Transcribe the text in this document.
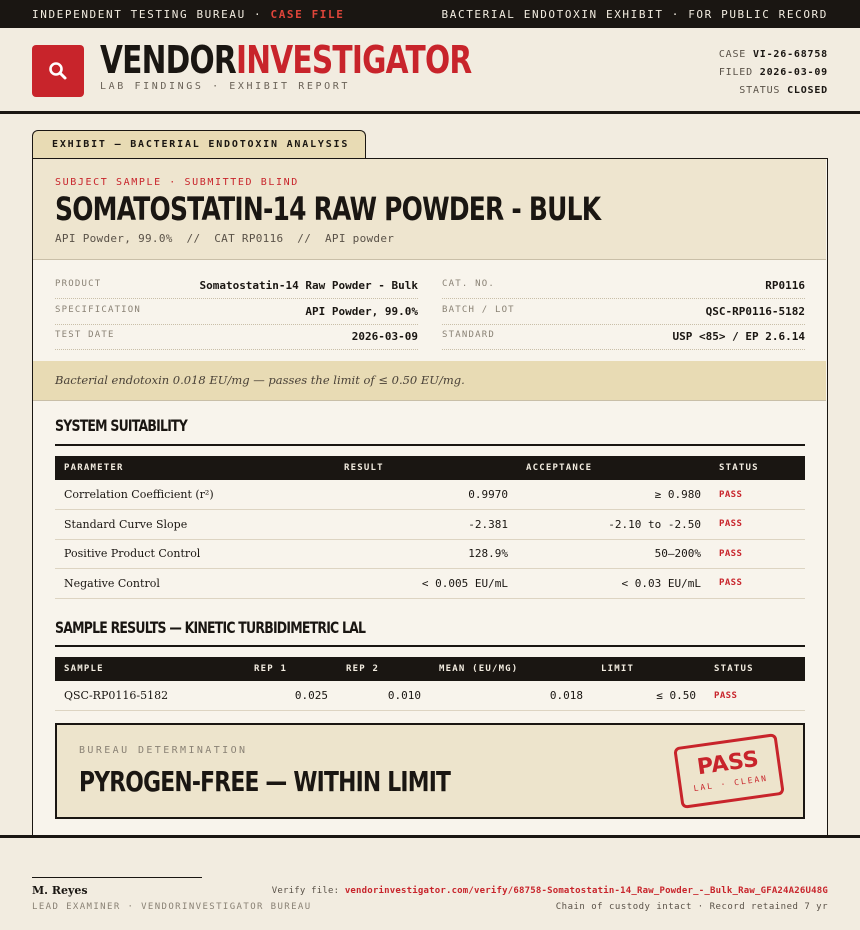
INDEPENDENT TESTING BUREAU · CASE FILE	BACTERIAL ENDOTOXIN EXHIBIT · FOR PUBLIC RECORD
VENDORINVESTIGATOR
LAB FINDINGS · EXHIBIT REPORT
CASE VI-26-68758
FILED 2026-03-09
STATUS CLOSED
EXHIBIT — BACTERIAL ENDOTOXIN ANALYSIS
SUBJECT SAMPLE · SUBMITTED BLIND
SOMATOSTATIN-14 RAW POWDER - BULK
API Powder, 99.0%  //  CAT RP0116  //  API powder
PRODUCT	Somatostatin-14 Raw Powder - Bulk
SPECIFICATION	API Powder, 99.0%
TEST DATE	2026-03-09
CAT. NO.	RP0116
BATCH / LOT	QSC-RP0116-5182
STANDARD	USP <85> / EP 2.6.14
Bacterial endotoxin 0.018 EU/mg — passes the limit of ≤ 0.50 EU/mg.
SYSTEM SUITABILITY
PARAMETER	RESULT	ACCEPTANCE	STATUS
Correlation Coefficient (r²)	0.9970	≥ 0.980	PASS
Standard Curve Slope	-2.381	-2.10 to -2.50	PASS
Positive Product Control	128.9%	50–200%	PASS
Negative Control	< 0.005 EU/mL	< 0.03 EU/mL	PASS
SAMPLE RESULTS — KINETIC TURBIDIMETRIC LAL
SAMPLE	REP 1	REP 2	MEAN (EU/MG)	LIMIT	STATUS
QSC-RP0116-5182	0.025	0.010	0.018	≤ 0.50	PASS
BUREAU DETERMINATION
PYROGEN-FREE — WITHIN LIMIT
PASS
LAL · CLEAN
M. Reyes
LEAD EXAMINER · VENDORINVESTIGATOR BUREAU
Verify file: vendorinvestigator.com/verify/68758-Somatostatin-14_Raw_Powder_-_Bulk_Raw_GFA24A26U48G
Chain of custody intact · Record retained 7 yr
